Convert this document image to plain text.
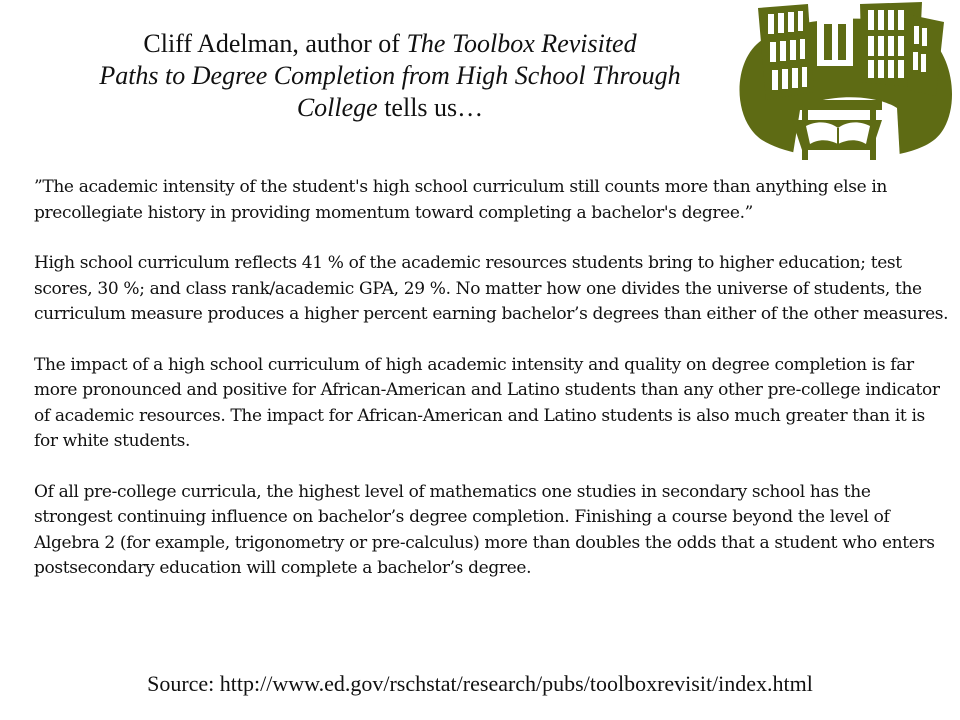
Cliff Adelman, author of The Toolbox Revisited
Paths to Degree Completion from High School Through
College tells us…

”The academic intensity of the student's high school curriculum still counts more than anything else in precollegiate history in providing momentum toward completing a bachelor's degree.”

High school curriculum reflects 41 % of the academic resources students bring to higher education; test scores, 30 %; and class rank/academic GPA, 29 %. No matter how one divides the universe of students, the curriculum measure produces a higher percent earning bachelor’s degrees than either of the other measures.

The impact of a high school curriculum of high academic intensity and quality on degree completion is far more pronounced and positive for African-American and Latino students than any other pre-college indicator of academic resources. The impact for African-American and Latino students is also much greater than it is for white students.

Of all pre-college curricula, the highest level of mathematics one studies in secondary school has the strongest continuing influence on bachelor’s degree completion. Finishing a course beyond the level of Algebra 2 (for example, trigonometry or pre-calculus) more than doubles the odds that a student who enters postsecondary education will complete a bachelor’s degree.

Source: http://www.ed.gov/rschstat/research/pubs/toolboxrevisit/index.html
